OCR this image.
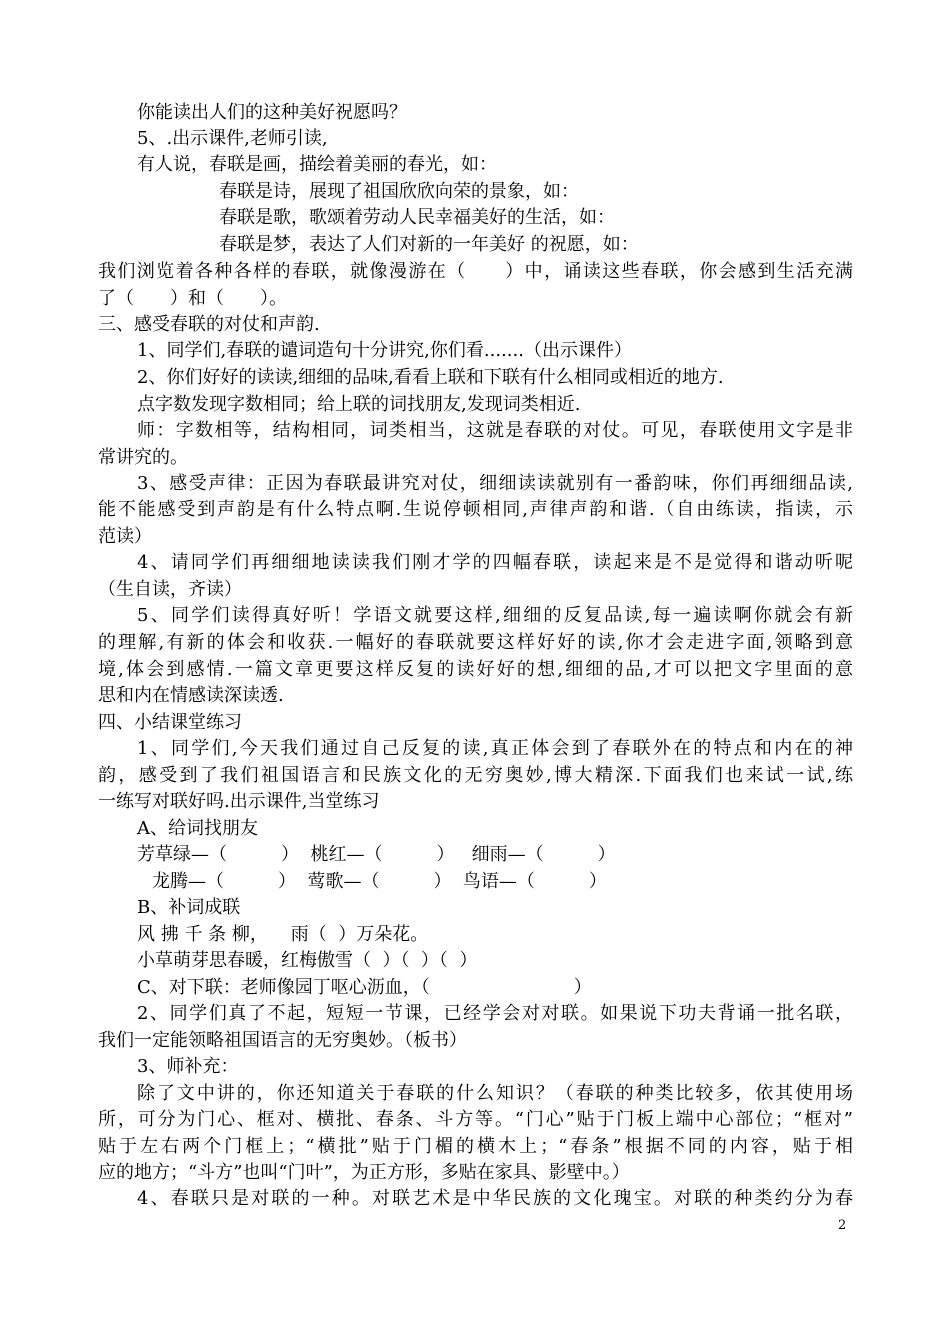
你能读出人们的这种美好祝愿吗？
5、.出示课件,老师引读,
有人说，春联是画，描绘着美丽的春光，如：
春联是诗，展现了祖国欣欣向荣的景象，如：
春联是歌，歌颂着劳动人民幸福美好的生活，如：
春联是梦，表达了人们对新的一年美好 的祝愿，如：
我们浏览着各种各样的春联，就像漫游在（　　）中，诵读这些春联，你会感到生活充满
了（　　）和（　　）。
三、感受春联的对仗和声韵.
1、同学们,春联的谴词造句十分讲究,你们看.......（出示课件）
2、你们好好的读读,细细的品味,看看上联和下联有什么相同或相近的地方.
点字数发现字数相同；给上联的词找朋友,发现词类相近.
师：字数相等，结构相同，词类相当，这就是春联的对仗。可见，春联使用文字是非
常讲究的。
3、感受声律：正因为春联最讲究对仗，细细读读就别有一番韵味，你们再细细品读,
能不能感受到声韵是有什么特点啊.生说停顿相同,声律声韵和谐.（自由练读，指读，示
范读）
4、请同学们再细细地读读我们刚才学的四幅春联，读起来是不是觉得和谐动听呢
（生自读，齐读）
5、同学们读得真好听！学语文就要这样,细细的反复品读,每一遍读啊你就会有新
的理解,有新的体会和收获.一幅好的春联就要这样好好的读,你才会走进字面,领略到意
境,体会到感情.一篇文章更要这样反复的读好好的想,细细的品,才可以把文字里面的意
思和内在情感读深读透.
四、小结课堂练习
1、同学们,今天我们通过自己反复的读,真正体会到了春联外在的特点和内在的神
韵，感受到了我们祖国语言和民族文化的无穷奥妙,博大精深.下面我们也来试一试,练
一练写对联好吗.出示课件,当堂练习
A、给词找朋友
芳草绿—（　　　）  桃红—（　　　）   细雨—（　　　）
龙腾—（　　　）  莺歌—（　　　）  鸟语—（　　　）
B、补词成联
风 拂 千 条 柳，    雨（  ）万朵花。
小草萌芽思春暖，红梅傲雪（  ）（  ）（  ）
C、对下联：老师像园丁呕心沥血，（　　　　　　　　）
2、同学们真了不起，短短一节课，已经学会对对联。如果说下功夫背诵一批名联，
我们一定能领略祖国语言的无穷奥妙。（板书）
3、师补充：
除了文中讲的，你还知道关于春联的什么知识？（春联的种类比较多，依其使用场
所，可分为门心、框对、横批、春条、斗方等。“门心”贴于门板上端中心部位；“框对”
贴于左右两个门框上；“横批”贴于门楣的横木上；“春条”根据不同的内容，贴于相
应的地方；“斗方”也叫“门叶”，为正方形，多贴在家具、影壁中。）
4、春联只是对联的一种。对联艺术是中华民族的文化瑰宝。对联的种类约分为春
2
